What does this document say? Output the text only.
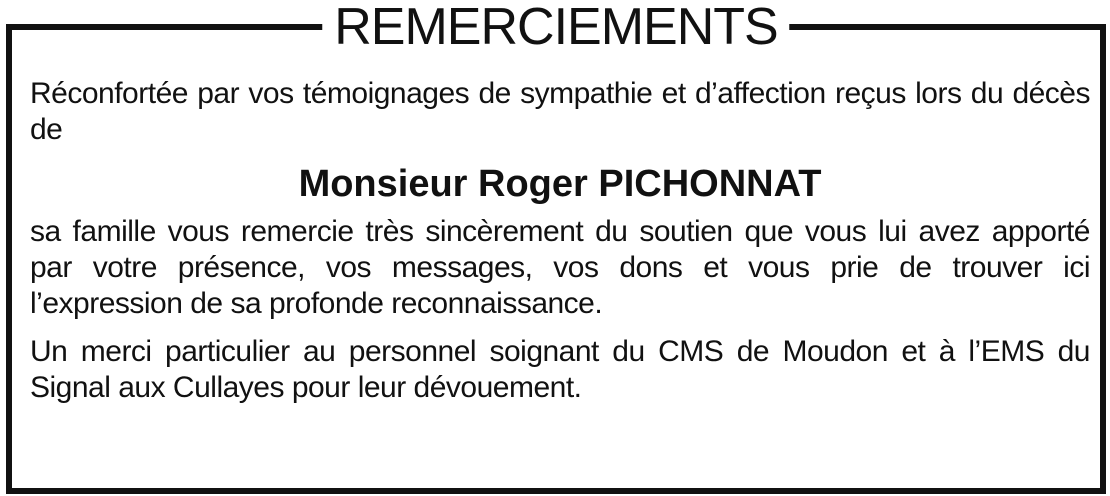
REMERCIEMENTS

Réconfortée par vos témoignages de sympathie et d’affection reçus lors du décès de

Monsieur Roger PICHONNAT

sa famille vous remercie très sincèrement du soutien que vous lui avez apporté par votre présence, vos messages, vos dons et vous prie de trouver ici l’expression de sa profonde reconnaissance.

Un merci particulier au personnel soignant du CMS de Moudon et à l’EMS du Signal aux Cullayes pour leur dévouement.
